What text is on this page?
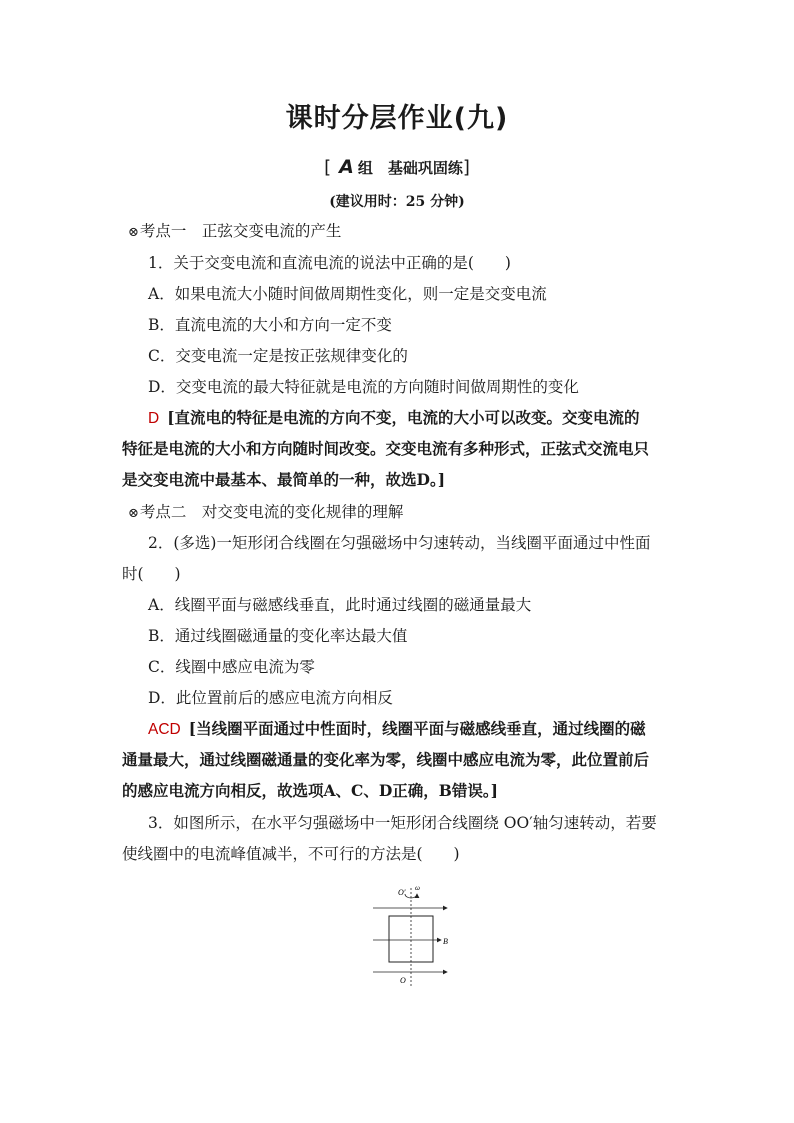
课时分层作业(九)
[ A 组　基础巩固练]
(建议用时：25 分钟)
⊗考点一　正弦交变电流的产生
1．关于交变电流和直流电流的说法中正确的是(　　)
A．如果电流大小随时间做周期性变化，则一定是交变电流
B．直流电流的大小和方向一定不变
C．交变电流一定是按正弦规律变化的
D．交变电流的最大特征就是电流的方向随时间做周期性的变化
D [直流电的特征是电流的方向不变，电流的大小可以改变。交变电流的
特征是电流的大小和方向随时间改变。交变电流有多种形式，正弦式交流电只
是交变电流中最基本、最简单的一种，故选D。]
⊗考点二　对交变电流的变化规律的理解
2．(多选)一矩形闭合线圈在匀强磁场中匀速转动，当线圈平面通过中性面
时(　　)
A．线圈平面与磁感线垂直，此时通过线圈的磁通量最大
B．通过线圈磁通量的变化率达最大值
C．线圈中感应电流为零
D．此位置前后的感应电流方向相反
ACD [当线圈平面通过中性面时，线圈平面与磁感线垂直，通过线圈的磁
通量最大，通过线圈磁通量的变化率为零，线圈中感应电流为零，此位置前后
的感应电流方向相反，故选项A、C、D正确，B错误。]
3．如图所示，在水平匀强磁场中一矩形闭合线圈绕 OO′轴匀速转动，若要
使线圈中的电流峰值减半，不可行的方法是(　　)
O′ ω
B
O
